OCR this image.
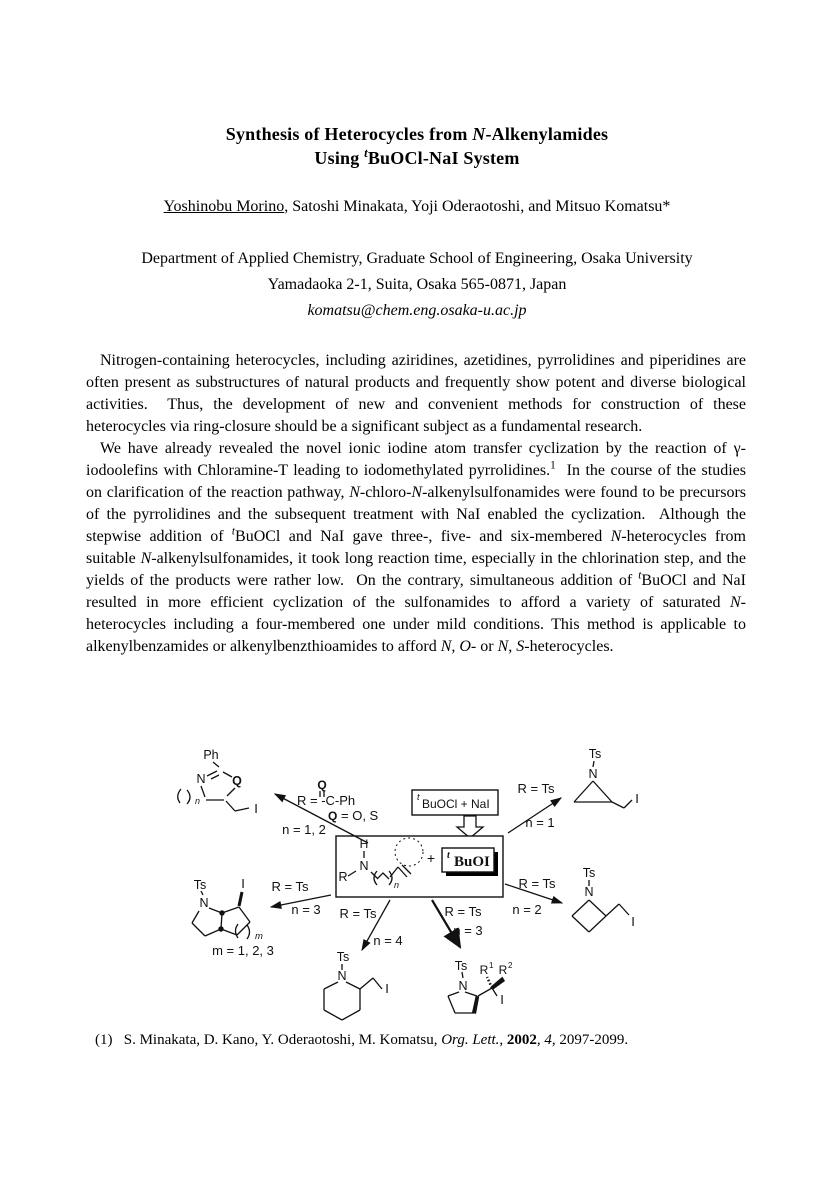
Synthesis of Heterocycles from N-Alkenylamides
Using $^t$BuOCl-NaI System
Yoshinobu Morino, Satoshi Minakata, Yoji Oderaotoshi, and Mitsuo Komatsu*
Department of Applied Chemistry, Graduate School of Engineering, Osaka University
Yamadaoka 2-1, Suita, Osaka 565-0871, Japan
komatsu@chem.eng.osaka-u.ac.jp

Nitrogen-containing heterocycles, including aziridines, azetidines, pyrrolidines and piperidines are often present as substructures of natural products and frequently show potent and diverse biological activities.  Thus, the development of new and convenient methods for construction of these heterocycles via ring-closure should be a significant subject as a fundamental research.

We have already revealed the novel ionic iodine atom transfer cyclization by the reaction of γ-iodoolefins with Chloramine-T leading to iodomethylated pyrrolidines.$^1$  In the course of the studies on clarification of the reaction pathway, N-chloro-N-alkenylsulfonamides were found to be precursors of the pyrrolidines and the subsequent treatment with NaI enabled the cyclization.  Although the stepwise addition of $^t$BuOCl and NaI gave three-, five- and six-membered N-heterocycles from suitable N-alkenylsulfonamides, it took long reaction time, especially in the chlorination step, and the yields of the products were rather low.  On the contrary, simultaneous addition of $^t$BuOCl and NaI resulted in more efficient cyclization of the sulfonamides to afford a variety of saturated N-heterocycles including a four-membered one under mild conditions. This method is applicable to alkenylbenzamides or alkenylbenzthioamides to afford N, O- or N, S-heterocycles.

t BuOCl + NaI
H
N
R
n
+ t BuOI
Ph
N Q
n	I
Q
R = -C-Ph
Q = O, S
n = 1, 2
R = Ts
n = 1
Ts
N
I
R = Ts
n = 2
Ts
N
I
R = Ts
n = 3
Ts
N
I
m
m = 1, 2, 3
R = Ts
n = 4
Ts
N
I
R = Ts
n = 3
Ts
N
R 1 R 2
I
(1)  S. Minakata, D. Kano, Y. Oderaotoshi, M. Komatsu, Org. Lett., 2002, 4, 2097-2099.
